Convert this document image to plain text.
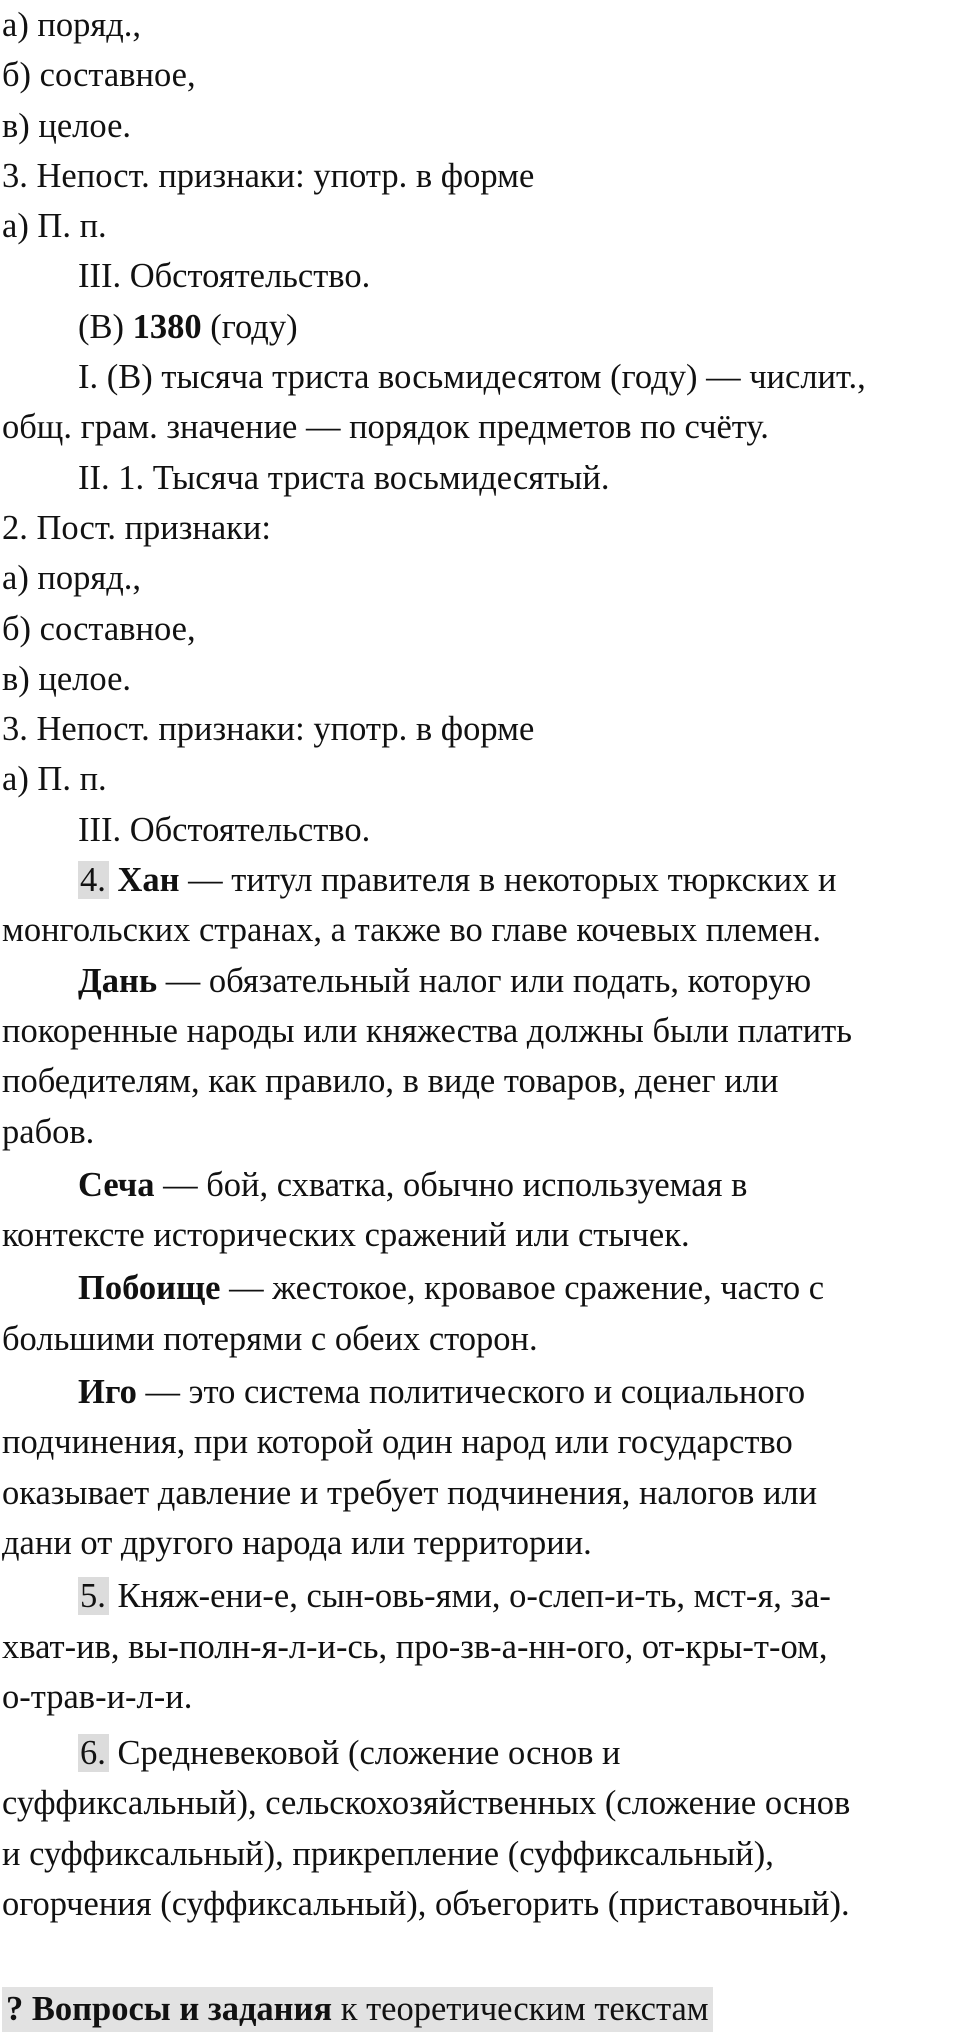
а) поряд.,
б) составное,
в) целое.
3. Непост. признаки: употр. в форме
а) П. п.
III. Обстоятельство.
(В) 1380 (году)
I. (В) тысяча триста восьмидесятом (году) — числит.,
общ. грам. значение — порядок предметов по счёту.
II. 1. Тысяча триста восьмидесятый.
2. Пост. признаки:
а) поряд.,
б) составное,
в) целое.
3. Непост. признаки: употр. в форме
а) П. п.
III. Обстоятельство.
4. Хан — титул правителя в некоторых тюркских и
монгольских странах, а также во главе кочевых племен.
Дань — обязательный налог или подать, которую
покоренные народы или княжества должны были платить
победителям, как правило, в виде товаров, денег или
рабов.
Сеча — бой, схватка, обычно используемая в
контексте исторических сражений или стычек.
Побоище — жестокое, кровавое сражение, часто с
большими потерями с обеих сторон.
Иго — это система политического и социального
подчинения, при которой один народ или государство
оказывает давление и требует подчинения, налогов или
дани от другого народа или территории.
5. Княж-ени-е, сын-овь-ями, о-слеп-и-ть, мст-я, за-
хват-ив, вы-полн-я-л-и-сь, про-зв-а-нн-ого, от-кры-т-ом,
о-трав-и-л-и.
6. Средневековой (сложение основ и
суффиксальный), сельскохозяйственных (сложение основ
и суффиксальный), прикрепление (суффиксальный),
огорчения (суффиксальный), объегорить (приставочный).
? Вопросы и задания к теоретическим текстам
